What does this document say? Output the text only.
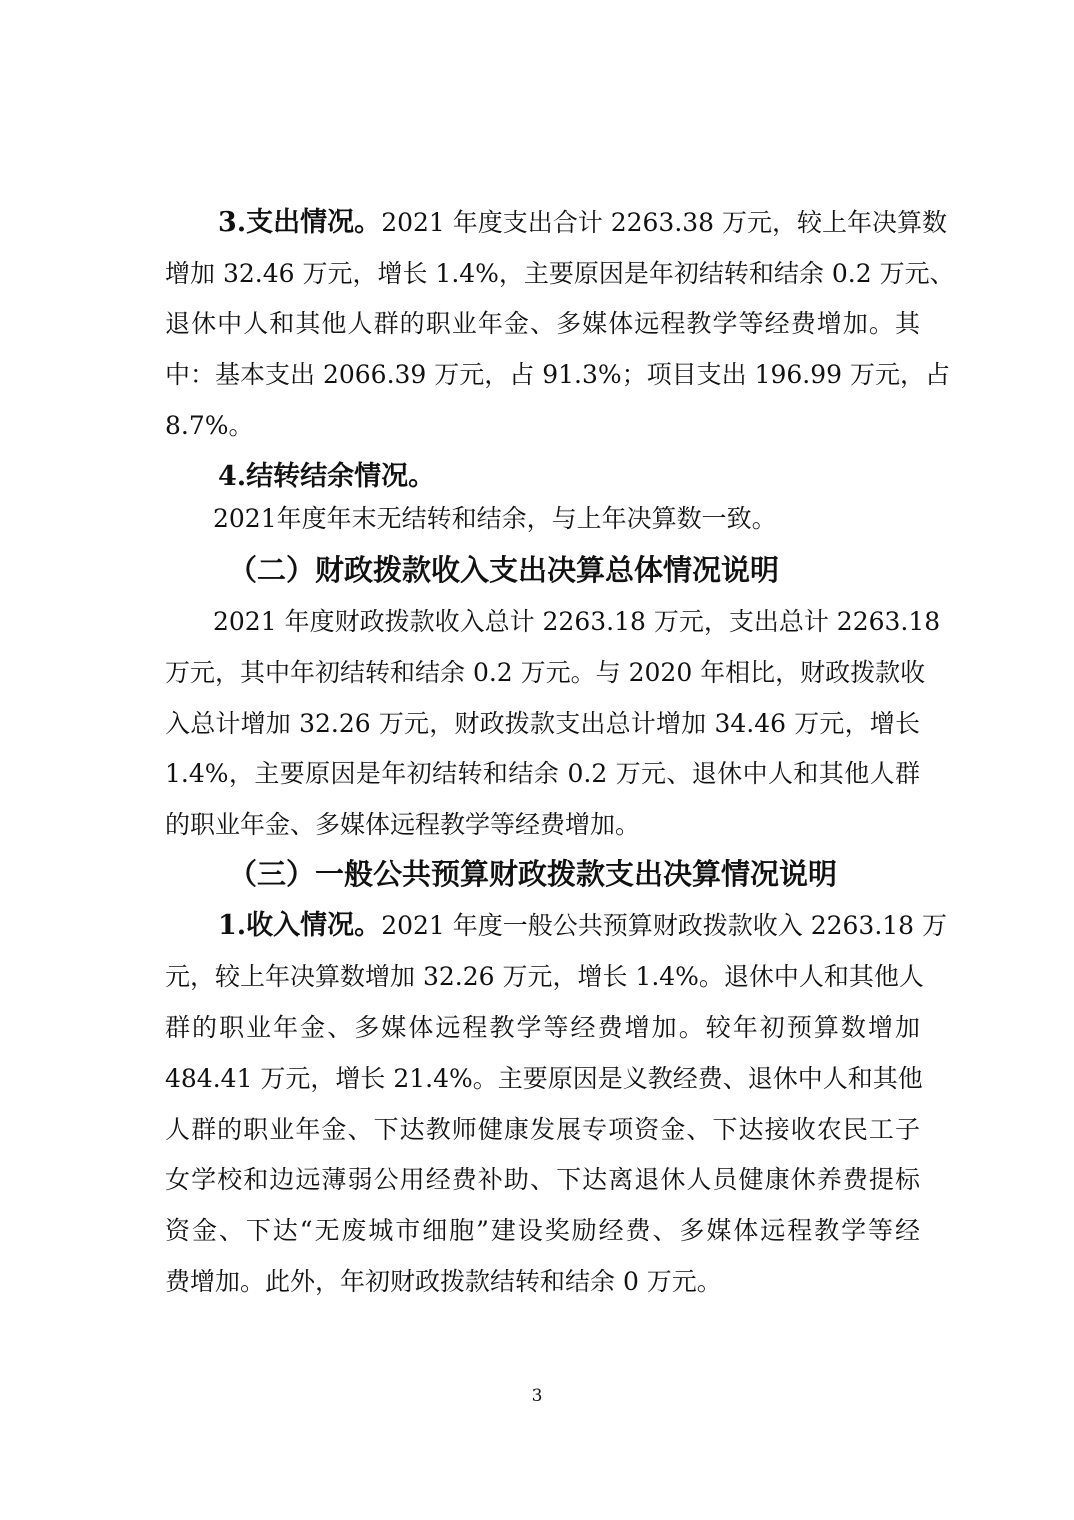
3.支出情况。2021 年度支出合计 2263.38 万元，较上年决算数
增加 32.46 万元，增长 1.4%，主要原因是年初结转和结余 0.2 万元、
退休中人和其他人群的职业年金、多媒体远程教学等经费增加。其
中：基本支出 2066.39 万元，占 91.3%；项目支出 196.99 万元，占
8.7%。
4.结转结余情况。
2021年度年末无结转和结余，与上年决算数一致。
（二）财政拨款收入支出决算总体情况说明
2021 年度财政拨款收入总计 2263.18 万元，支出总计 2263.18
万元，其中年初结转和结余 0.2 万元。与 2020 年相比，财政拨款收
入总计增加 32.26 万元，财政拨款支出总计增加 34.46 万元，增长
1.4%，主要原因是年初结转和结余 0.2 万元、退休中人和其他人群
的职业年金、多媒体远程教学等经费增加。
（三）一般公共预算财政拨款支出决算情况说明
1.收入情况。2021 年度一般公共预算财政拨款收入 2263.18 万
元，较上年决算数增加 32.26 万元，增长 1.4%。退休中人和其他人
群的职业年金、多媒体远程教学等经费增加。较年初预算数增加
484.41 万元，增长 21.4%。主要原因是义教经费、退休中人和其他
人群的职业年金、下达教师健康发展专项资金、下达接收农民工子
女学校和边远薄弱公用经费补助、下达离退休人员健康休养费提标
资金、下达“无废城市细胞”建设奖励经费、多媒体远程教学等经
费增加。此外，年初财政拨款结转和结余 0 万元。
3
